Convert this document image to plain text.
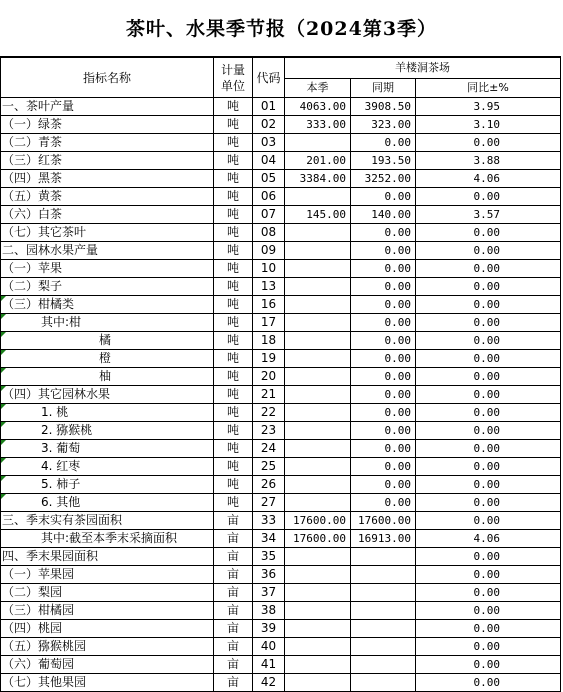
茶叶、水果季节报（2024第3季）
指标名称	计量单位	代码	羊楼洞茶场		
			本季	同期	同比±%
一、茶叶产量	吨	01	4063.00	3908.50	3.95
（一）绿茶	吨	02	333.00	323.00	3.10
（二）青茶	吨	03		0.00	0.00
（三）红茶	吨	04	201.00	193.50	3.88
（四）黑茶	吨	05	3384.00	3252.00	4.06
（五）黄茶	吨	06		0.00	0.00
（六）白茶	吨	07	145.00	140.00	3.57
（七）其它茶叶	吨	08		0.00	0.00
二、园林水果产量	吨	09		0.00	0.00
（一）苹果	吨	10		0.00	0.00
（二）梨子	吨	13		0.00	0.00
（三）柑橘类	吨	16		0.00	0.00
其中:柑	吨	17		0.00	0.00
橘	吨	18		0.00	0.00
橙	吨	19		0.00	0.00
柚	吨	20		0.00	0.00
（四）其它园林水果	吨	21		0.00	0.00
1. 桃	吨	22		0.00	0.00
2. 猕猴桃	吨	23		0.00	0.00
3. 葡萄	吨	24		0.00	0.00
4. 红枣	吨	25		0.00	0.00
5. 柿子	吨	26		0.00	0.00
6. 其他	吨	27		0.00	0.00
三、季末实有茶园面积	亩	33	17600.00	17600.00	0.00
其中:截至本季末采摘面积	亩	34	17600.00	16913.00	4.06
四、季末果园面积	亩	35			0.00
（一）苹果园	亩	36			0.00
（二）梨园	亩	37			0.00
（三）柑橘园	亩	38			0.00
（四）桃园	亩	39			0.00
（五）猕猴桃园	亩	40			0.00
（六）葡萄园	亩	41			0.00
（七）其他果园	亩	42			0.00
